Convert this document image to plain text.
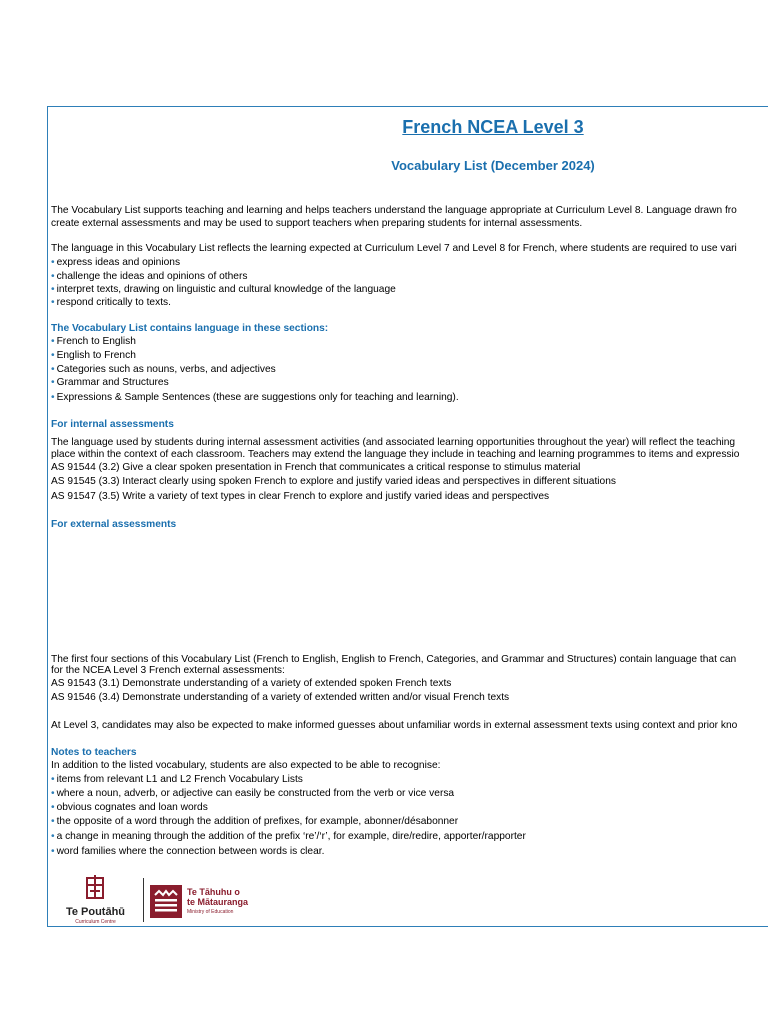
French NCEA Level 3
Vocabulary List (December 2024)
The Vocabulary List supports teaching and learning and helps teachers understand the language appropriate at Curriculum Level 8. Language drawn fro
create external assessments and may be used to support teachers when preparing students for internal assessments.
The language in this Vocabulary List reflects the learning expected at Curriculum Level 7 and Level 8 for French, where students are required to use vari
• express ideas and opinions
• challenge the ideas and opinions of others
• interpret texts, drawing on linguistic and cultural knowledge of the language
• respond critically to texts.
The Vocabulary List contains language in these sections:
• French to English
• English to French
• Categories such as nouns, verbs, and adjectives
• Grammar and Structures
• Expressions & Sample Sentences (these are suggestions only for teaching and learning).
For internal assessments
The language used by students during internal assessment activities (and associated learning opportunities throughout the year) will reflect the teaching
place within the context of each classroom. Teachers may extend the language they include in teaching and learning programmes to items and expressio
AS 91544 (3.2) Give a clear spoken presentation in French that communicates a critical response to stimulus material
AS 91545 (3.3) Interact clearly using spoken French to explore and justify varied ideas and perspectives in different situations
AS 91547 (3.5) Write a variety of text types in clear French to explore and justify varied ideas and perspectives
For external assessments
The first four sections of this Vocabulary List (French to English, English to French, Categories, and Grammar and Structures) contain language that can
for the NCEA Level 3 French external assessments:
AS 91543 (3.1) Demonstrate understanding of a variety of extended spoken French texts
AS 91546 (3.4) Demonstrate understanding of a variety of extended written and/or visual French texts
At Level 3, candidates may also be expected to make informed guesses about unfamiliar words in external assessment texts using context and prior kno
Notes to teachers
In addition to the listed vocabulary, students are also expected to be able to recognise:
• items from relevant L1 and L2 French Vocabulary Lists
• where a noun, adverb, or adjective can easily be constructed from the verb or vice versa
• obvious cognates and loan words
• the opposite of a word through the addition of prefixes, for example, abonner/désabonner
• a change in meaning through the addition of the prefix ‘re’/‘r’, for example, dire/redire, apporter/rapporter
• word families where the connection between words is clear.
Te Poutāhū
Curriculum Centre
Te Tāhuhu o
te Mātauranga
Ministry of Education
